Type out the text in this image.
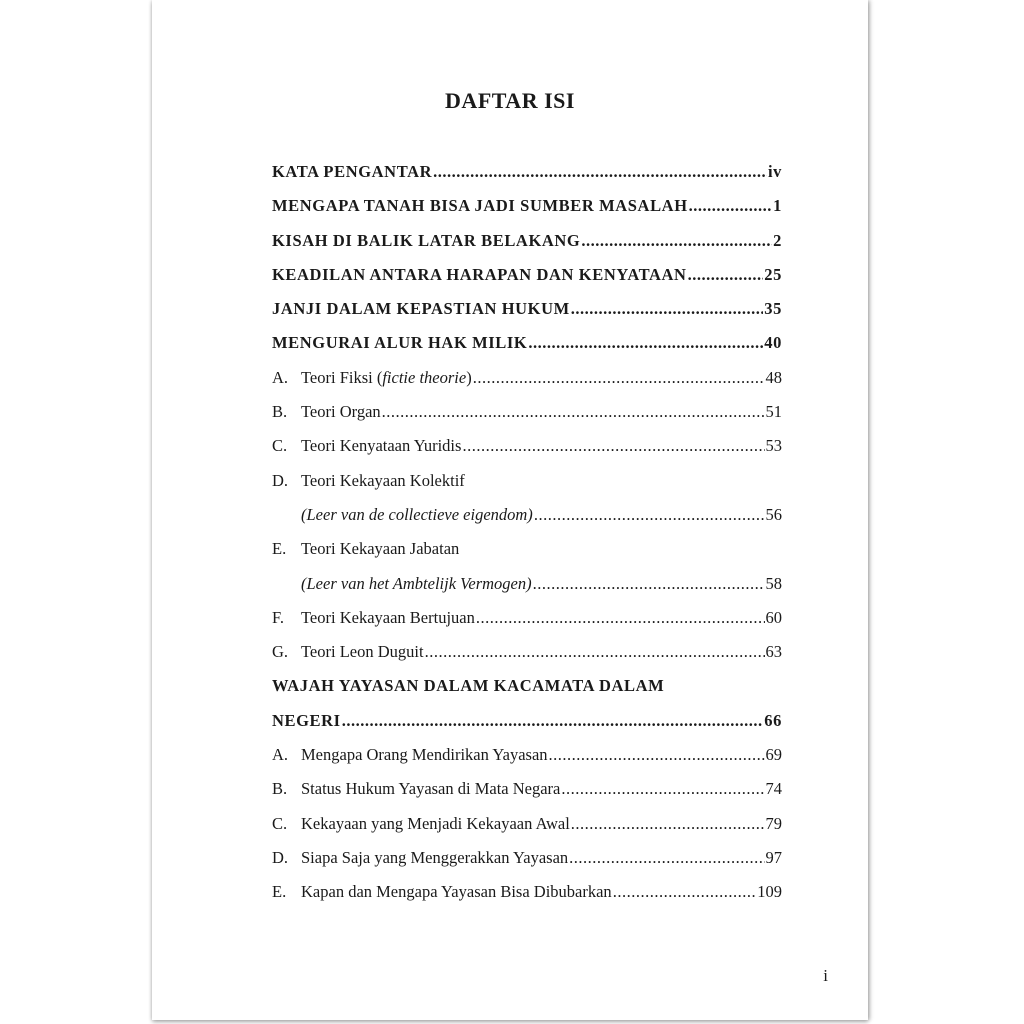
DAFTAR ISI
KATA PENGANTAR .....	iv
MENGAPA TANAH BISA JADI SUMBER MASALAH .....	1
KISAH DI BALIK LATAR BELAKANG .....	2
KEADILAN ANTARA HARAPAN DAN KENYATAAN .....	25
JANJI DALAM KEPASTIAN HUKUM .....	35
MENGURAI ALUR HAK MILIK .....	40
A. Teori Fiksi (fictie theorie) .....	48
B. Teori Organ .....	51
C. Teori Kenyataan Yuridis .....	53
D. Teori Kekayaan Kolektif
(Leer van de collectieve eigendom) .....	56
E. Teori Kekayaan Jabatan
(Leer van het Ambtelijk Vermogen) .....	58
F.	Teori Kekayaan Bertujuan .....	60
G. Teori Leon Duguit .....	63
WAJAH YAYASAN DALAM KACAMATA DALAM
NEGERI .....	66
A. Mengapa Orang Mendirikan Yayasan .....	69
B. Status Hukum Yayasan di Mata Negara .....	74
C. Kekayaan yang Menjadi Kekayaan Awal .....	79
D. Siapa Saja yang Menggerakkan Yayasan .....	97
E. Kapan dan Mengapa Yayasan Bisa Dibubarkan .....	109
i
